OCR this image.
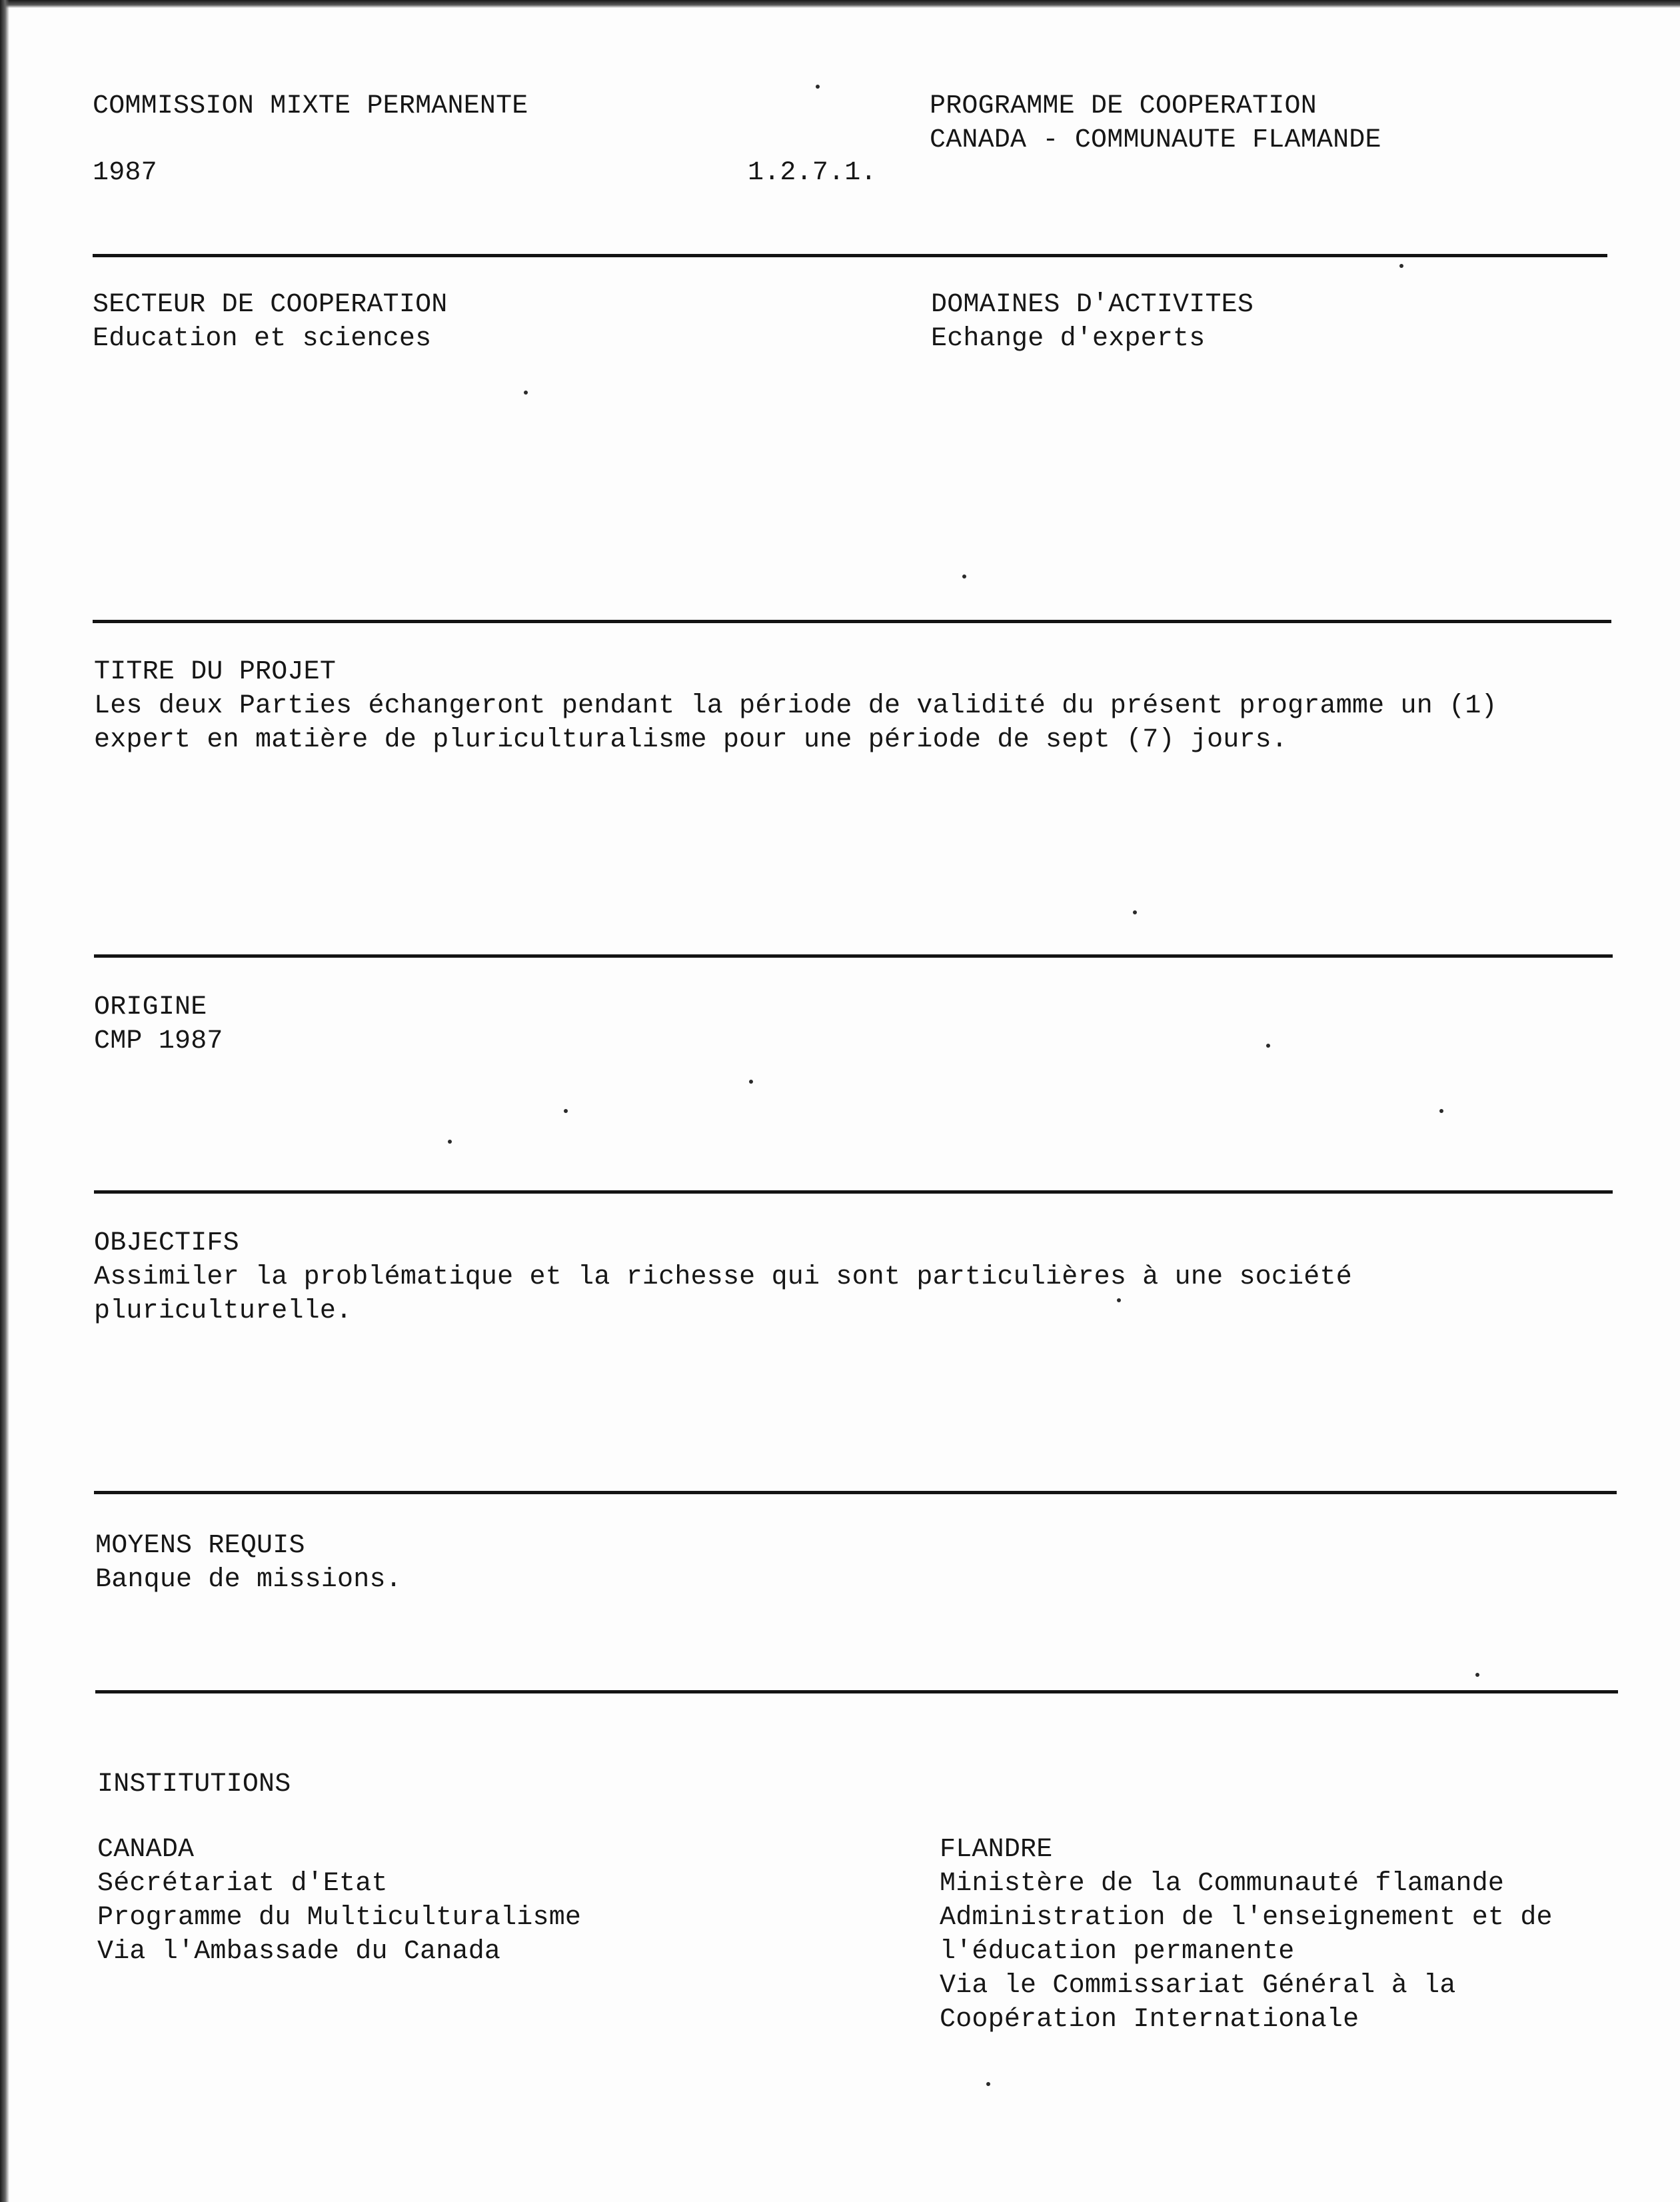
COMMISSION MIXTE PERMANENTE
1987	1.2.7.1.
PROGRAMME DE COOPERATION
CANADA - COMMUNAUTE FLAMANDE
SECTEUR DE COOPERATION
Education et sciences
DOMAINES D'ACTIVITES
Echange d'experts
TITRE DU PROJET
Les deux Parties échangeront pendant la période de validité du présent programme un (1)
expert en matière de pluriculturalisme pour une période de sept (7) jours.
ORIGINE
CMP 1987
OBJECTIFS
Assimiler la problématique et la richesse qui sont particulières à une société
pluriculturelle.
MOYENS REQUIS
Banque de missions.
INSTITUTIONS
CANADA
Sécrétariat d'Etat
Programme du Multiculturalisme
Via l'Ambassade du Canada
FLANDRE
Ministère de la Communauté flamande
Administration de l'enseignement et de
l'éducation permanente
Via le Commissariat Général à la
Coopération Internationale
